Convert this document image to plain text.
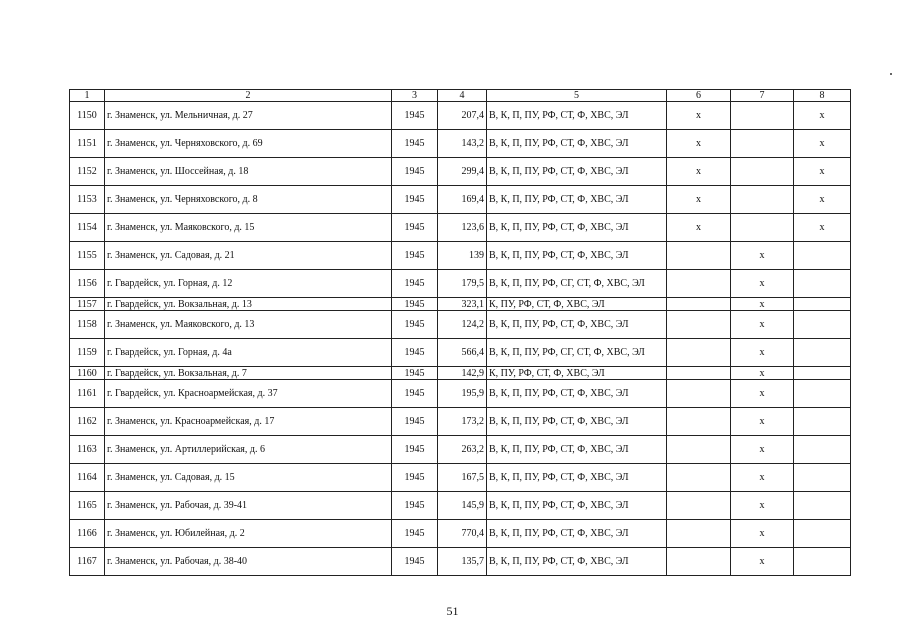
1	2	3	4	5	6	7	8
1150	г. Знаменск, ул. Мельничная, д. 27	1945	207,4	В, К, П, ПУ, РФ, СТ, Ф, ХВС, ЭЛ	х		х
1151	г. Знаменск, ул. Черняховского, д. 69	1945	143,2	В, К, П, ПУ, РФ, СТ, Ф, ХВС, ЭЛ	х		х
1152	г. Знаменск, ул. Шоссейная, д. 18	1945	299,4	В, К, П, ПУ, РФ, СТ, Ф, ХВС, ЭЛ	х		х
1153	г. Знаменск, ул. Черняховского, д. 8	1945	169,4	В, К, П, ПУ, РФ, СТ, Ф, ХВС, ЭЛ	х		х
1154	г. Знаменск, ул. Маяковского, д. 15	1945	123,6	В, К, П, ПУ, РФ, СТ, Ф, ХВС, ЭЛ	х		х
1155	г. Знаменск, ул. Садовая, д. 21	1945	139	В, К, П, ПУ, РФ, СТ, Ф, ХВС, ЭЛ		х	
1156	г. Гвардейск, ул. Горная, д. 12	1945	179,5	В, К, П, ПУ, РФ, СГ, СТ, Ф, ХВС, ЭЛ		х	
1157	г. Гвардейск, ул. Вокзальная, д. 13	1945	323,1	К, ПУ, РФ, СТ, Ф, ХВС, ЭЛ		х	
1158	г. Знаменск, ул. Маяковского, д. 13	1945	124,2	В, К, П, ПУ, РФ, СТ, Ф, ХВС, ЭЛ		х	
1159	г. Гвардейск, ул. Горная, д. 4а	1945	566,4	В, К, П, ПУ, РФ, СГ, СТ, Ф, ХВС, ЭЛ		х	
1160	г. Гвардейск, ул. Вокзальная, д. 7	1945	142,9	К, ПУ, РФ, СТ, Ф, ХВС, ЭЛ		х	
1161	г. Гвардейск, ул. Красноармейская, д. 37	1945	195,9	В, К, П, ПУ, РФ, СТ, Ф, ХВС, ЭЛ		х	
1162	г. Знаменск, ул. Красноармейская, д. 17	1945	173,2	В, К, П, ПУ, РФ, СТ, Ф, ХВС, ЭЛ		х	
1163	г. Знаменск, ул. Артиллерийская, д. 6	1945	263,2	В, К, П, ПУ, РФ, СТ, Ф, ХВС, ЭЛ		х	
1164	г. Знаменск, ул. Садовая, д. 15	1945	167,5	В, К, П, ПУ, РФ, СТ, Ф, ХВС, ЭЛ		х	
1165	г. Знаменск, ул. Рабочая, д. 39-41	1945	145,9	В, К, П, ПУ, РФ, СТ, Ф, ХВС, ЭЛ		х	
1166	г. Знаменск, ул. Юбилейная, д. 2	1945	770,4	В, К, П, ПУ, РФ, СТ, Ф, ХВС, ЭЛ		х	
1167	г. Знаменск, ул. Рабочая, д. 38-40	1945	135,7	В, К, П, ПУ, РФ, СТ, Ф, ХВС, ЭЛ		х	
51
